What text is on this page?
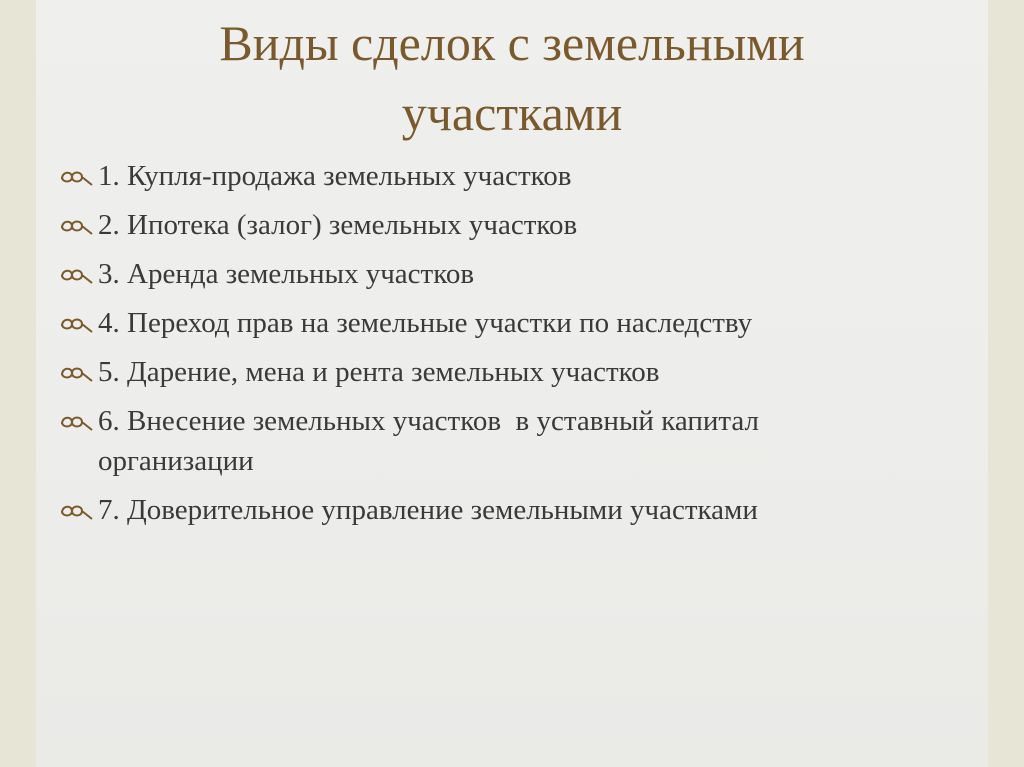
Виды сделок с земельными
участками
1. Купля-продажа земельных участков
2. Ипотека (залог) земельных участков
3. Аренда земельных участков
4. Переход прав на земельные участки по наследству
5. Дарение, мена и рента земельных участков
6. Внесение земельных участков  в уставный капитал
организации
7. Доверительное управление земельными участками
